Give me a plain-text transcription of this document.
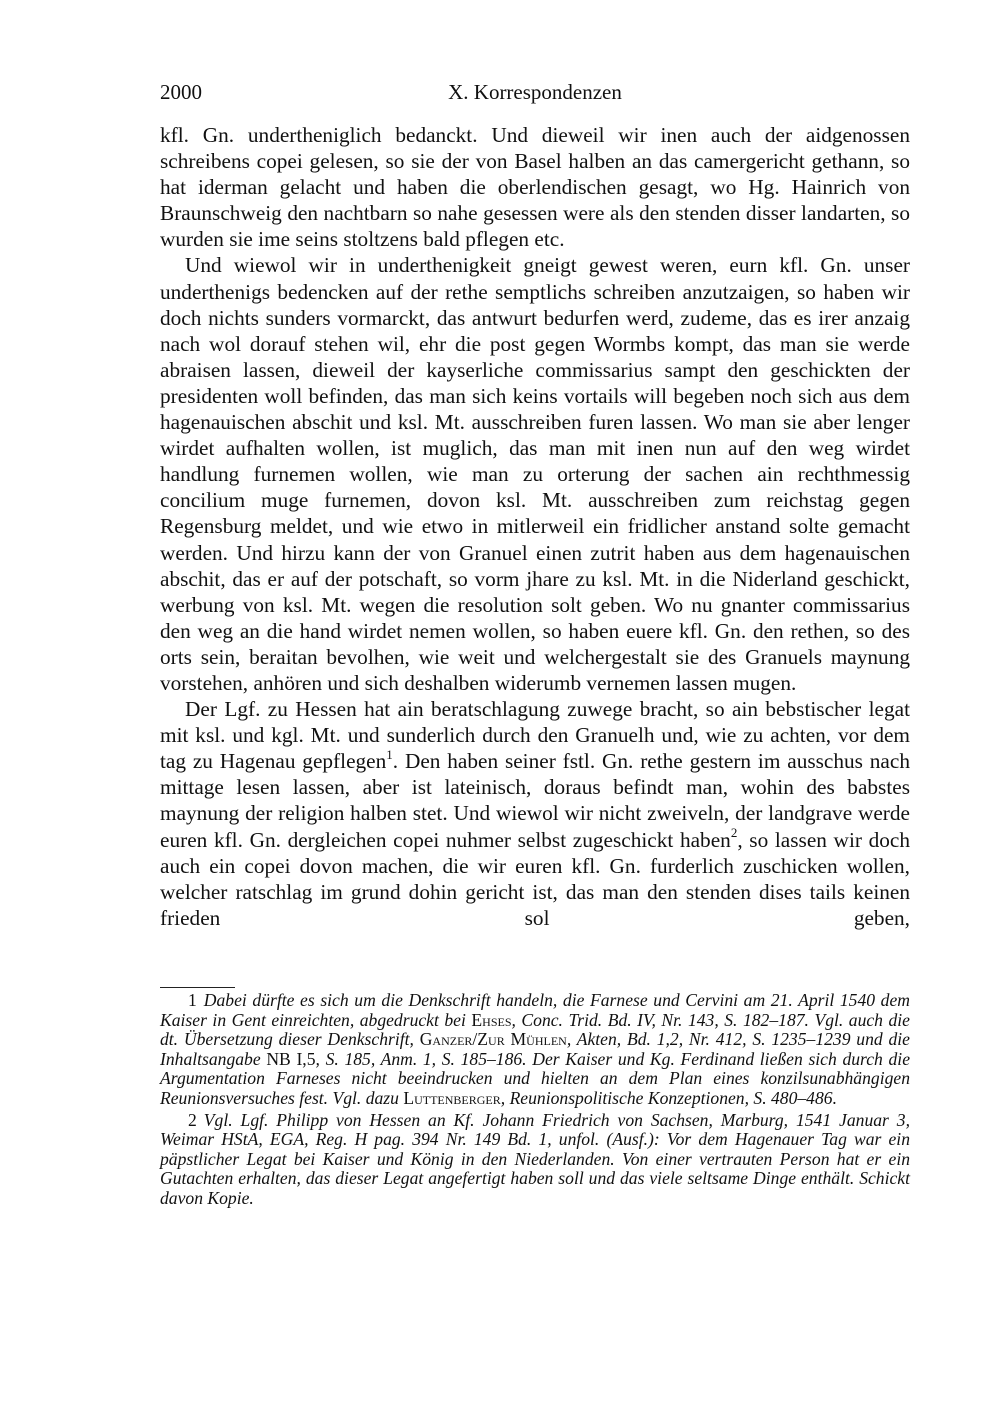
2000	X. Korrespondenzen

kfl. Gn. undertheniglich bedanckt. Und dieweil wir inen auch der aidgenossen schreibens copei gelesen, so sie der von Basel halben an das camergericht gethann, so hat iderman gelacht und haben die oberlendischen gesagt, wo Hg. Hainrich von Braunschweig den nachtbarn so nahe gesessen were als den stenden disser landarten, so wurden sie ime seins stoltzens bald pflegen etc.

Und wiewol wir in underthenigkeit gneigt gewest weren, eurn kfl. Gn. unser underthenigs bedencken auf der rethe semptlichs schreiben anzutzaigen, so haben wir doch nichts sunders vormarckt, das antwurt bedurfen werd, zudeme, das es irer anzaig nach wol dorauf stehen wil, ehr die post gegen Wormbs kompt, das man sie werde abraisen lassen, dieweil der kayserliche commissarius sampt den geschickten der presidenten woll befinden, das man sich keins vortails will begeben noch sich aus dem hagenauischen abschit und ksl. Mt. ausschreiben furen lassen. Wo man sie aber lenger wirdet aufhalten wollen, ist muglich, das man mit inen nun auf den weg wirdet handlung furnemen wollen, wie man zu orterung der sachen ain rechthmessig concilium muge furnemen, dovon ksl. Mt. ausschreiben zum reichstag gegen Regensburg meldet, und wie etwo in mitlerweil ein fridlicher anstand solte gemacht werden. Und hirzu kann der von Granuel einen zutrit haben aus dem hagenauischen abschit, das er auf der potschaft, so vorm jhare zu ksl. Mt. in die Niderland geschickt, werbung von ksl. Mt. wegen die resolution solt geben. Wo nu gnanter commissarius den weg an die hand wirdet nemen wollen, so haben euere kfl. Gn. den rethen, so des orts sein, beraitan bevolhen, wie weit und welchergestalt sie des Granuels maynung vorstehen, anhören und sich deshalben widerumb vernemen lassen mugen.

Der Lgf. zu Hessen hat ain beratschlagung zuwege bracht, so ain bebstischer legat mit ksl. und kgl. Mt. und sunderlich durch den Granuelh und, wie zu achten, vor dem tag zu Hagenau gepflegen$^1$. Den haben seiner fstl. Gn. rethe gestern im ausschus nach mittage lesen lassen, aber ist lateinisch, doraus befindt man, wohin des babstes maynung der religion halben stet. Und wiewol wir nicht zweiveln, der landgrave werde euren kfl. Gn. dergleichen copei nuhmer selbst zugeschickt haben$^2$, so lassen wir doch auch ein copei dovon machen, die wir euren kfl. Gn. furderlich zuschicken wollen, welcher ratschlag im grund dohin gericht ist, das man den stenden dises tails keinen frieden sol geben,

1 Dabei dürfte es sich um die Denkschrift handeln, die Farnese und Cervini am 21. April 1540 dem Kaiser in Gent einreichten, abgedruckt bei Ehses, Conc. Trid. Bd. IV, Nr. 143, S. 182–187. Vgl. auch die dt. Übersetzung dieser Denkschrift, Ganzer/Zur Mühlen, Akten, Bd. 1,2, Nr. 412, S. 1235–1239 und die Inhaltsangabe NB I,5, S. 185, Anm. 1, S. 185–186. Der Kaiser und Kg. Ferdinand ließen sich durch die Argumentation Farneses nicht beeindrucken und hielten an dem Plan eines konzilsunabhängigen Reunionsversuches fest. Vgl. dazu Luttenberger, Reunionspolitische Konzeptionen, S. 480–486.

2 Vgl. Lgf. Philipp von Hessen an Kf. Johann Friedrich von Sachsen, Marburg, 1541 Januar 3, Weimar HStA, EGA, Reg. H pag. 394 Nr. 149 Bd. 1, unfol. (Ausf.): Vor dem Hagenauer Tag war ein päpstlicher Legat bei Kaiser und König in den Niederlanden. Von einer vertrauten Person hat er ein Gutachten erhalten, das dieser Legat angefertigt haben soll und das viele seltsame Dinge enthält. Schickt davon Kopie.
